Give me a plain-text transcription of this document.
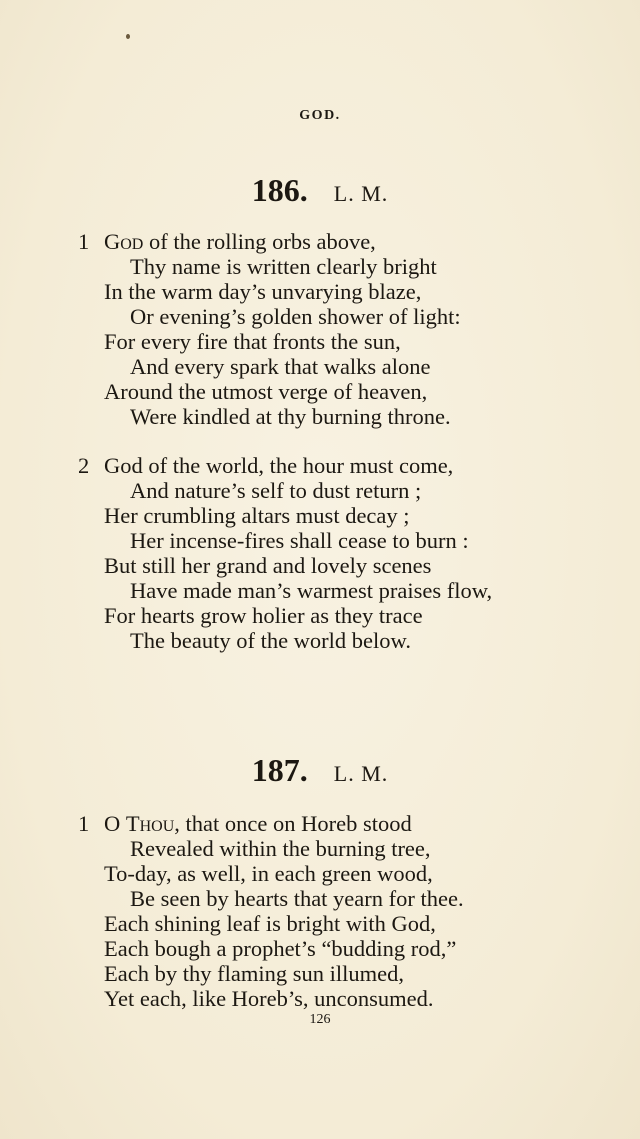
GOD.
186. L. M.
1 God of the rolling orbs above,
Thy name is written clearly bright
In the warm day’s unvarying blaze,
Or evening’s golden shower of light:
For every fire that fronts the sun,
And every spark that walks alone
Around the utmost verge of heaven,
Were kindled at thy burning throne.
2 God of the world, the hour must come,
And nature’s self to dust return ;
Her crumbling altars must decay ;
Her incense-fires shall cease to burn :
But still her grand and lovely scenes
Have made man’s warmest praises flow,
For hearts grow holier as they trace
The beauty of the world below.
187. L. M.
1 O Thou, that once on Horeb stood
Revealed within the burning tree,
To-day, as well, in each green wood,
Be seen by hearts that yearn for thee.
Each shining leaf is bright with God,
Each bough a prophet’s “budding rod,”
Each by thy flaming sun illumed,
Yet each, like Horeb’s, unconsumed.
126
